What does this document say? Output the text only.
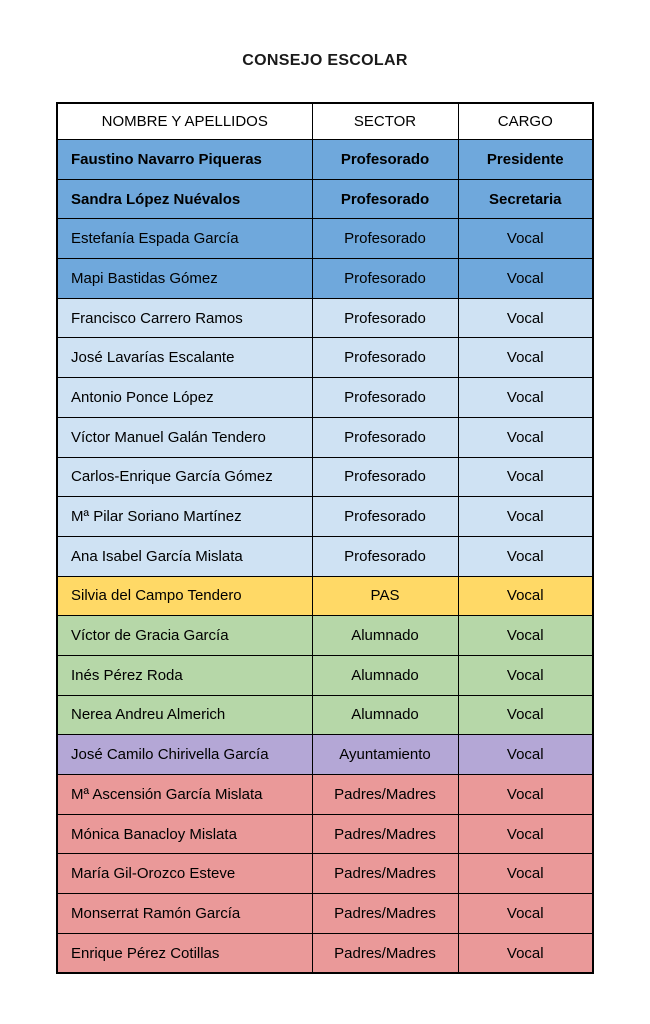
CONSEJO ESCOLAR
NOMBRE Y APELLIDOS	SECTOR	CARGO
Faustino Navarro Piqueras	Profesorado	Presidente
Sandra López Nuévalos	Profesorado	Secretaria
Estefanía Espada García	Profesorado	Vocal
Mapi Bastidas Gómez	Profesorado	Vocal
Francisco Carrero Ramos	Profesorado	Vocal
José Lavarías Escalante	Profesorado	Vocal
Antonio Ponce López	Profesorado	Vocal
Víctor Manuel Galán Tendero	Profesorado	Vocal
Carlos-Enrique García Gómez	Profesorado	Vocal
Mª Pilar Soriano Martínez	Profesorado	Vocal
Ana Isabel García Mislata	Profesorado	Vocal
Silvia del Campo Tendero	PAS	Vocal
Víctor de Gracia García	Alumnado	Vocal
Inés Pérez Roda	Alumnado	Vocal
Nerea Andreu Almerich	Alumnado	Vocal
José Camilo Chirivella García	Ayuntamiento	Vocal
Mª Ascensión García Mislata	Padres/Madres	Vocal
Mónica Banacloy Mislata	Padres/Madres	Vocal
María Gil-Orozco Esteve	Padres/Madres	Vocal
Monserrat Ramón García	Padres/Madres	Vocal
Enrique Pérez Cotillas	Padres/Madres	Vocal
